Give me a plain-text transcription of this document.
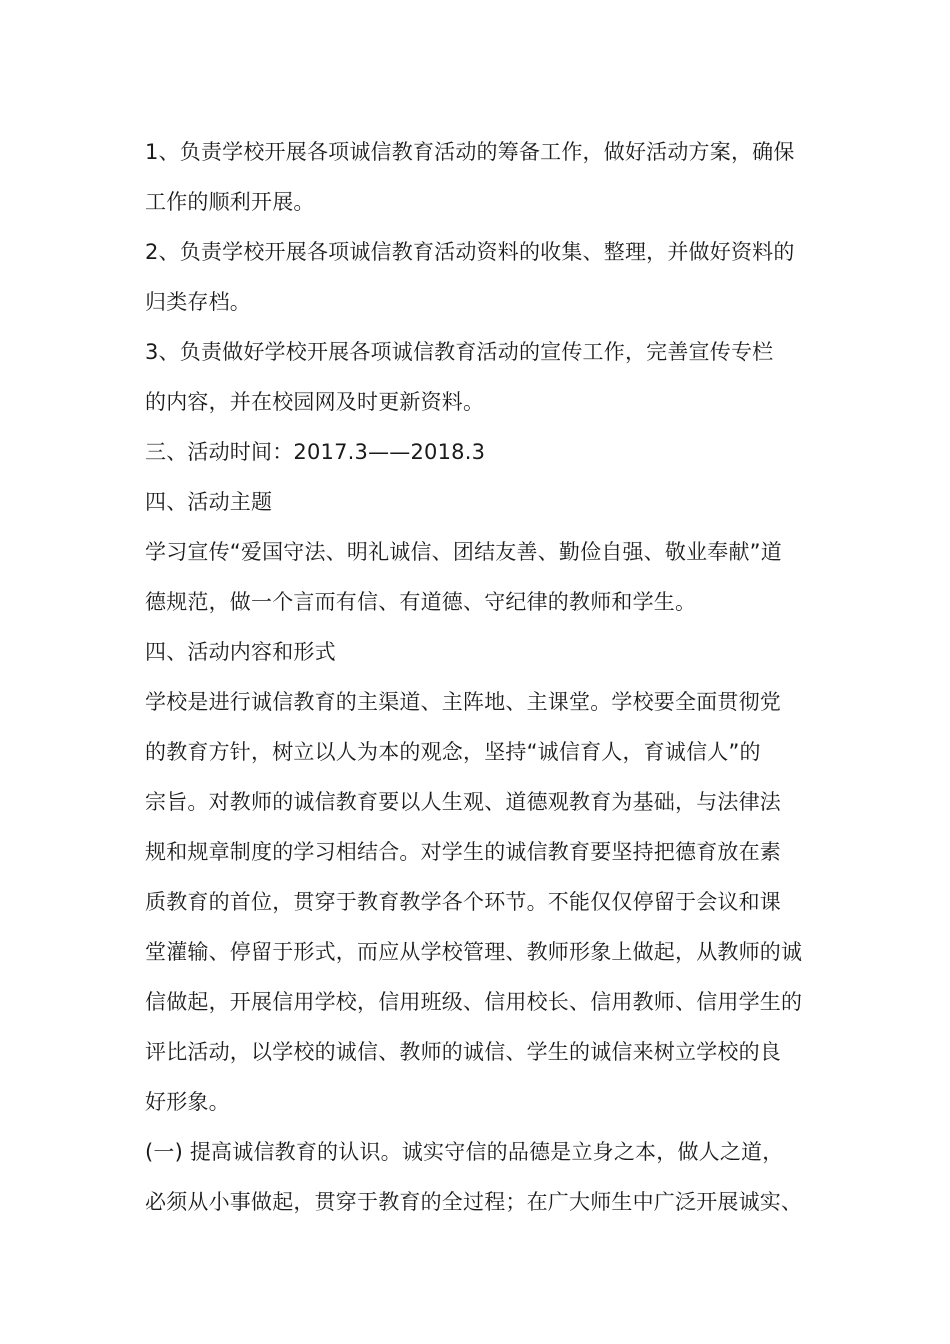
1、负责学校开展各项诚信教育活动的筹备工作，做好活动方案，确保
工作的顺利开展。
2、负责学校开展各项诚信教育活动资料的收集、整理，并做好资料的
归类存档。
3、负责做好学校开展各项诚信教育活动的宣传工作，完善宣传专栏
的内容，并在校园网及时更新资料。
三、活动时间：2017.3——2018.3
四、活动主题
学习宣传“爱国守法、明礼诚信、团结友善、勤俭自强、敬业奉献”道
德规范，做一个言而有信、有道德、守纪律的教师和学生。
四、活动内容和形式
学校是进行诚信教育的主渠道、主阵地、主课堂。学校要全面贯彻党
的教育方针，树立以人为本的观念，坚持“诚信育人，育诚信人”的
宗旨。对教师的诚信教育要以人生观、道德观教育为基础，与法律法
规和规章制度的学习相结合。对学生的诚信教育要坚持把德育放在素
质教育的首位，贯穿于教育教学各个环节。不能仅仅停留于会议和课
堂灌输、停留于形式，而应从学校管理、教师形象上做起，从教师的诚
信做起，开展信用学校，信用班级、信用校长、信用教师、信用学生的
评比活动，以学校的诚信、教师的诚信、学生的诚信来树立学校的良
好形象。
(一) 提高诚信教育的认识。诚实守信的品德是立身之本，做人之道，
必须从小事做起，贯穿于教育的全过程；在广大师生中广泛开展诚实、
